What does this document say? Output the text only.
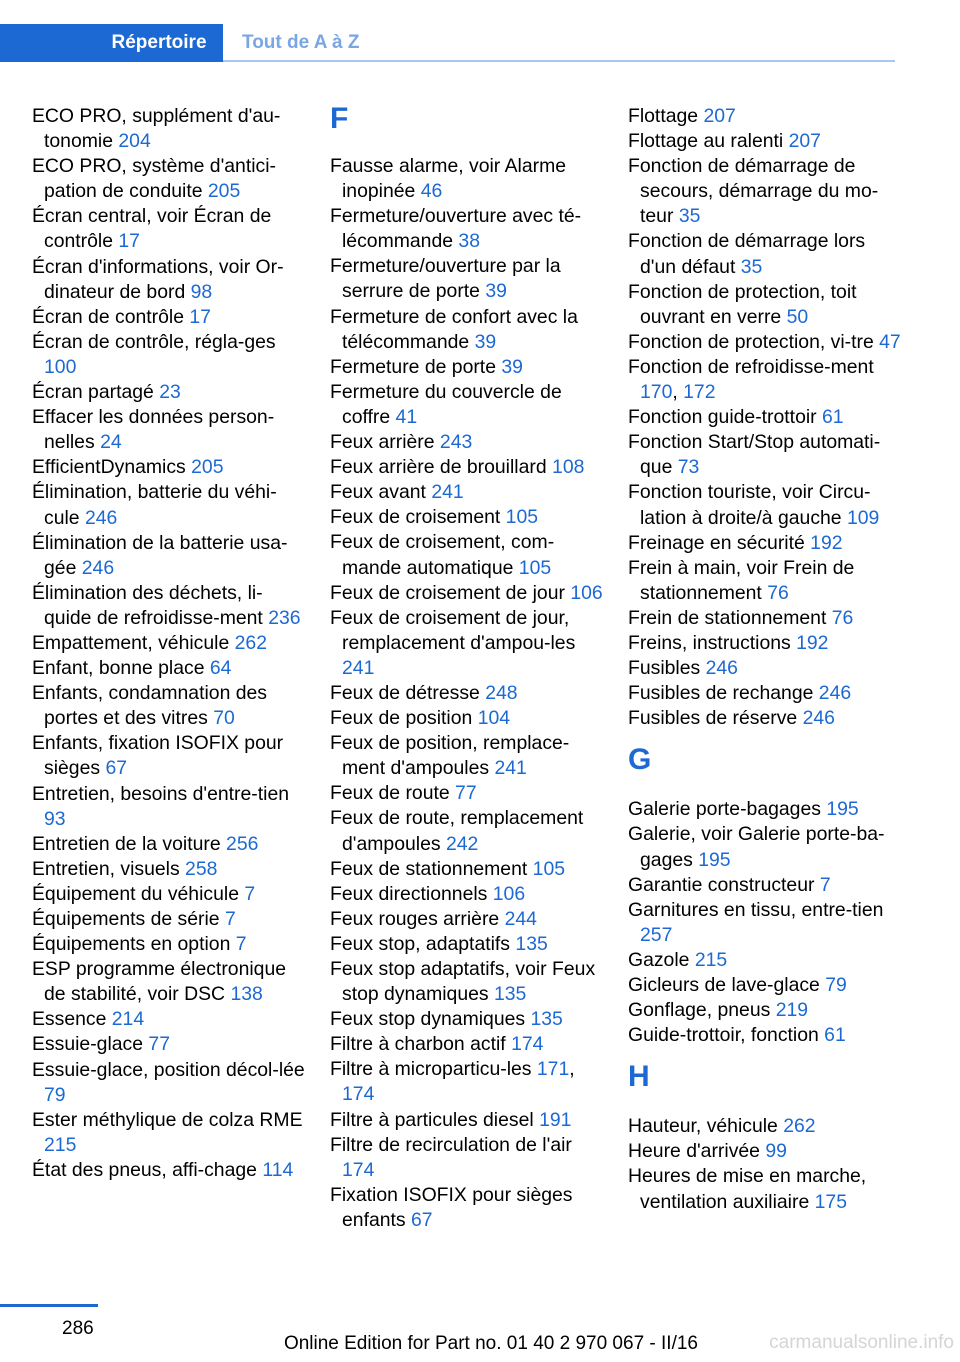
Répertoire	Tout de A à Z
ECO PRO, supplément d'au‐tonomie 204
ECO PRO, système d'antici‐pation de conduite 205
Écran central, voir Écran de contrôle 17
Écran d'informations, voir Or‐dinateur de bord 98
Écran de contrôle 17
Écran de contrôle, régla‐ges 100
Écran partagé 23
Effacer les données person‐nelles 24
EfficientDynamics 205
Élimination, batterie du véhi‐cule 246
Élimination de la batterie usa‐gée 246
Élimination des déchets, li‐quide de refroidisse‐ment 236
Empattement, véhicule 262
Enfant, bonne place 64
Enfants, condamnation des portes et des vitres 70
Enfants, fixation ISOFIX pour sièges 67
Entretien, besoins d'entre‐tien 93
Entretien de la voiture 256
Entretien, visuels 258
Équipement du véhicule 7
Équipements de série 7
Équipements en option 7
ESP programme électronique de stabilité, voir DSC 138
Essence 214
Essuie-glace 77
Essuie-glace, position décol‐lée 79
Ester méthylique de colza RME 215
État des pneus, affi‐chage 114
F
Fausse alarme, voir Alarme inopinée 46
Fermeture/ouverture avec té‐lécommande 38
Fermeture/ouverture par la serrure de porte 39
Fermeture de confort avec la télécommande 39
Fermeture de porte 39
Fermeture du couvercle de coffre 41
Feux arrière 243
Feux arrière de brouillard 108
Feux avant 241
Feux de croisement 105
Feux de croisement, com‐mande automatique 105
Feux de croisement de jour 106
Feux de croisement de jour, remplacement d'ampou‐les 241
Feux de détresse 248
Feux de position 104
Feux de position, remplace‐ment d'ampoules 241
Feux de route 77
Feux de route, remplacement d'ampoules 242
Feux de stationnement 105
Feux directionnels 106
Feux rouges arrière 244
Feux stop, adaptatifs 135
Feux stop adaptatifs, voir Feux stop dynamiques 135
Feux stop dynamiques 135
Filtre à charbon actif 174
Filtre à microparticu‐les 171, 174
Filtre à particules diesel 191
Filtre de recirculation de l'air 174
Fixation ISOFIX pour sièges enfants 67
Flottage 207
Flottage au ralenti 207
Fonction de démarrage de secours, démarrage du mo‐teur 35
Fonction de démarrage lors d'un défaut 35
Fonction de protection, toit ouvrant en verre 50
Fonction de protection, vi‐tre 47
Fonction de refroidisse‐ment 170, 172
Fonction guide-trottoir 61
Fonction Start/Stop automati‐que 73
Fonction touriste, voir Circu‐lation à droite/à gauche 109
Freinage en sécurité 192
Frein à main, voir Frein de stationnement 76
Frein de stationnement 76
Freins, instructions 192
Fusibles 246
Fusibles de rechange 246
Fusibles de réserve 246
G
Galerie porte-bagages 195
Galerie, voir Galerie porte-ba‐gages 195
Garantie constructeur 7
Garnitures en tissu, entre‐tien 257
Gazole 215
Gicleurs de lave-glace 79
Gonflage, pneus 219
Guide-trottoir, fonction 61
H
Hauteur, véhicule 262
Heure d'arrivée 99
Heures de mise en marche, ventilation auxiliaire 175
286
Online Edition for Part no. 01 40 2 970 067 - II/16	carmanualsonline.info
